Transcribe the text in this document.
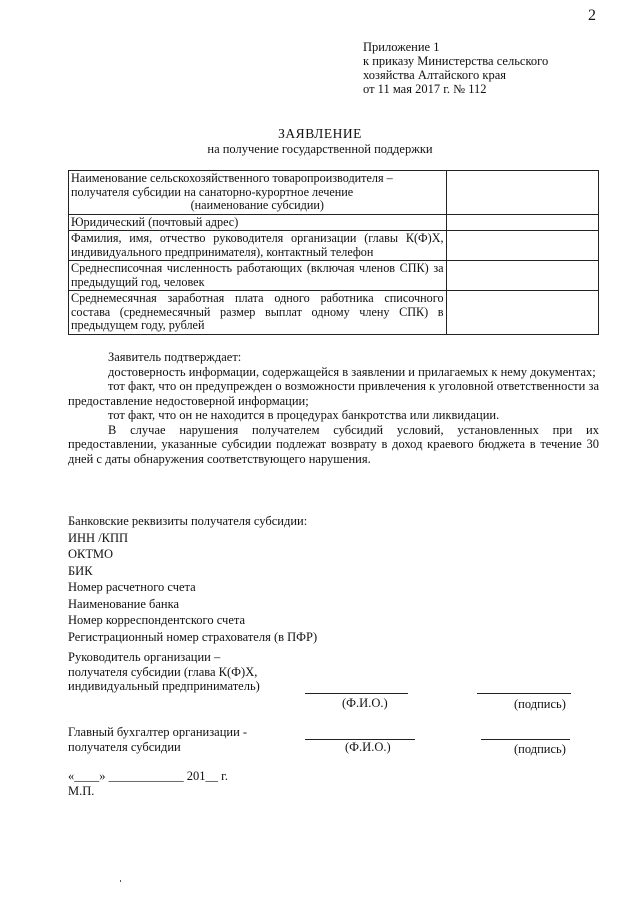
2
Приложение 1
к приказу Министерства сельского
хозяйства Алтайского края
от 11 мая 2017 г. № 112
ЗАЯВЛЕНИЕ
на получение государственной поддержки
Наименование сельскохозяйственного товаропроизводителя –
получателя субсидии на санаторно-курортное лечение
(наименование субсидии)	

Юридический (почтовый адрес)	
Фамилия, имя, отчество руководителя организации (главы К(Ф)Х, индивидуального предпринимателя), контактный телефон	
Среднесписочная численность работающих (включая членов СПК) за предыдущий год, человек	
Среднемесячная заработная плата одного работника списочного состава (среднемесячный размер выплат одному члену СПК) в предыдущем году, рублей	

Заявитель подтверждает:

достоверность информации, содержащейся в заявлении и прилагаемых к нему документах;

тот факт, что он предупрежден о возможности привлечения к уголовной ответственности за предоставление недостоверной информации;

тот факт, что он не находится в процедурах банкротства или ликвидации.

В случае нарушения получателем субсидий условий, установленных при их предоставлении, указанные субсидии подлежат возврату в доход краевого бюджета в течение 30 дней с даты обнаружения соответствующего нарушения.

Банковские реквизиты получателя субсидии:
ИНН /КПП
ОКТМО
БИК
Номер расчетного счета
Наименование банка
Номер корреспондентского счета
Регистрационный номер страхователя (в ПФР)
Руководитель организации –
получателя субсидии (глава К(Ф)Х,
индивидуальный предприниматель)
(Ф.И.О.)	(подпись)
Главный бухгалтер организации -
получателя субсидии	(Ф.И.О.)	(подпись)
«____» ____________ 201__ г.
М.П.
